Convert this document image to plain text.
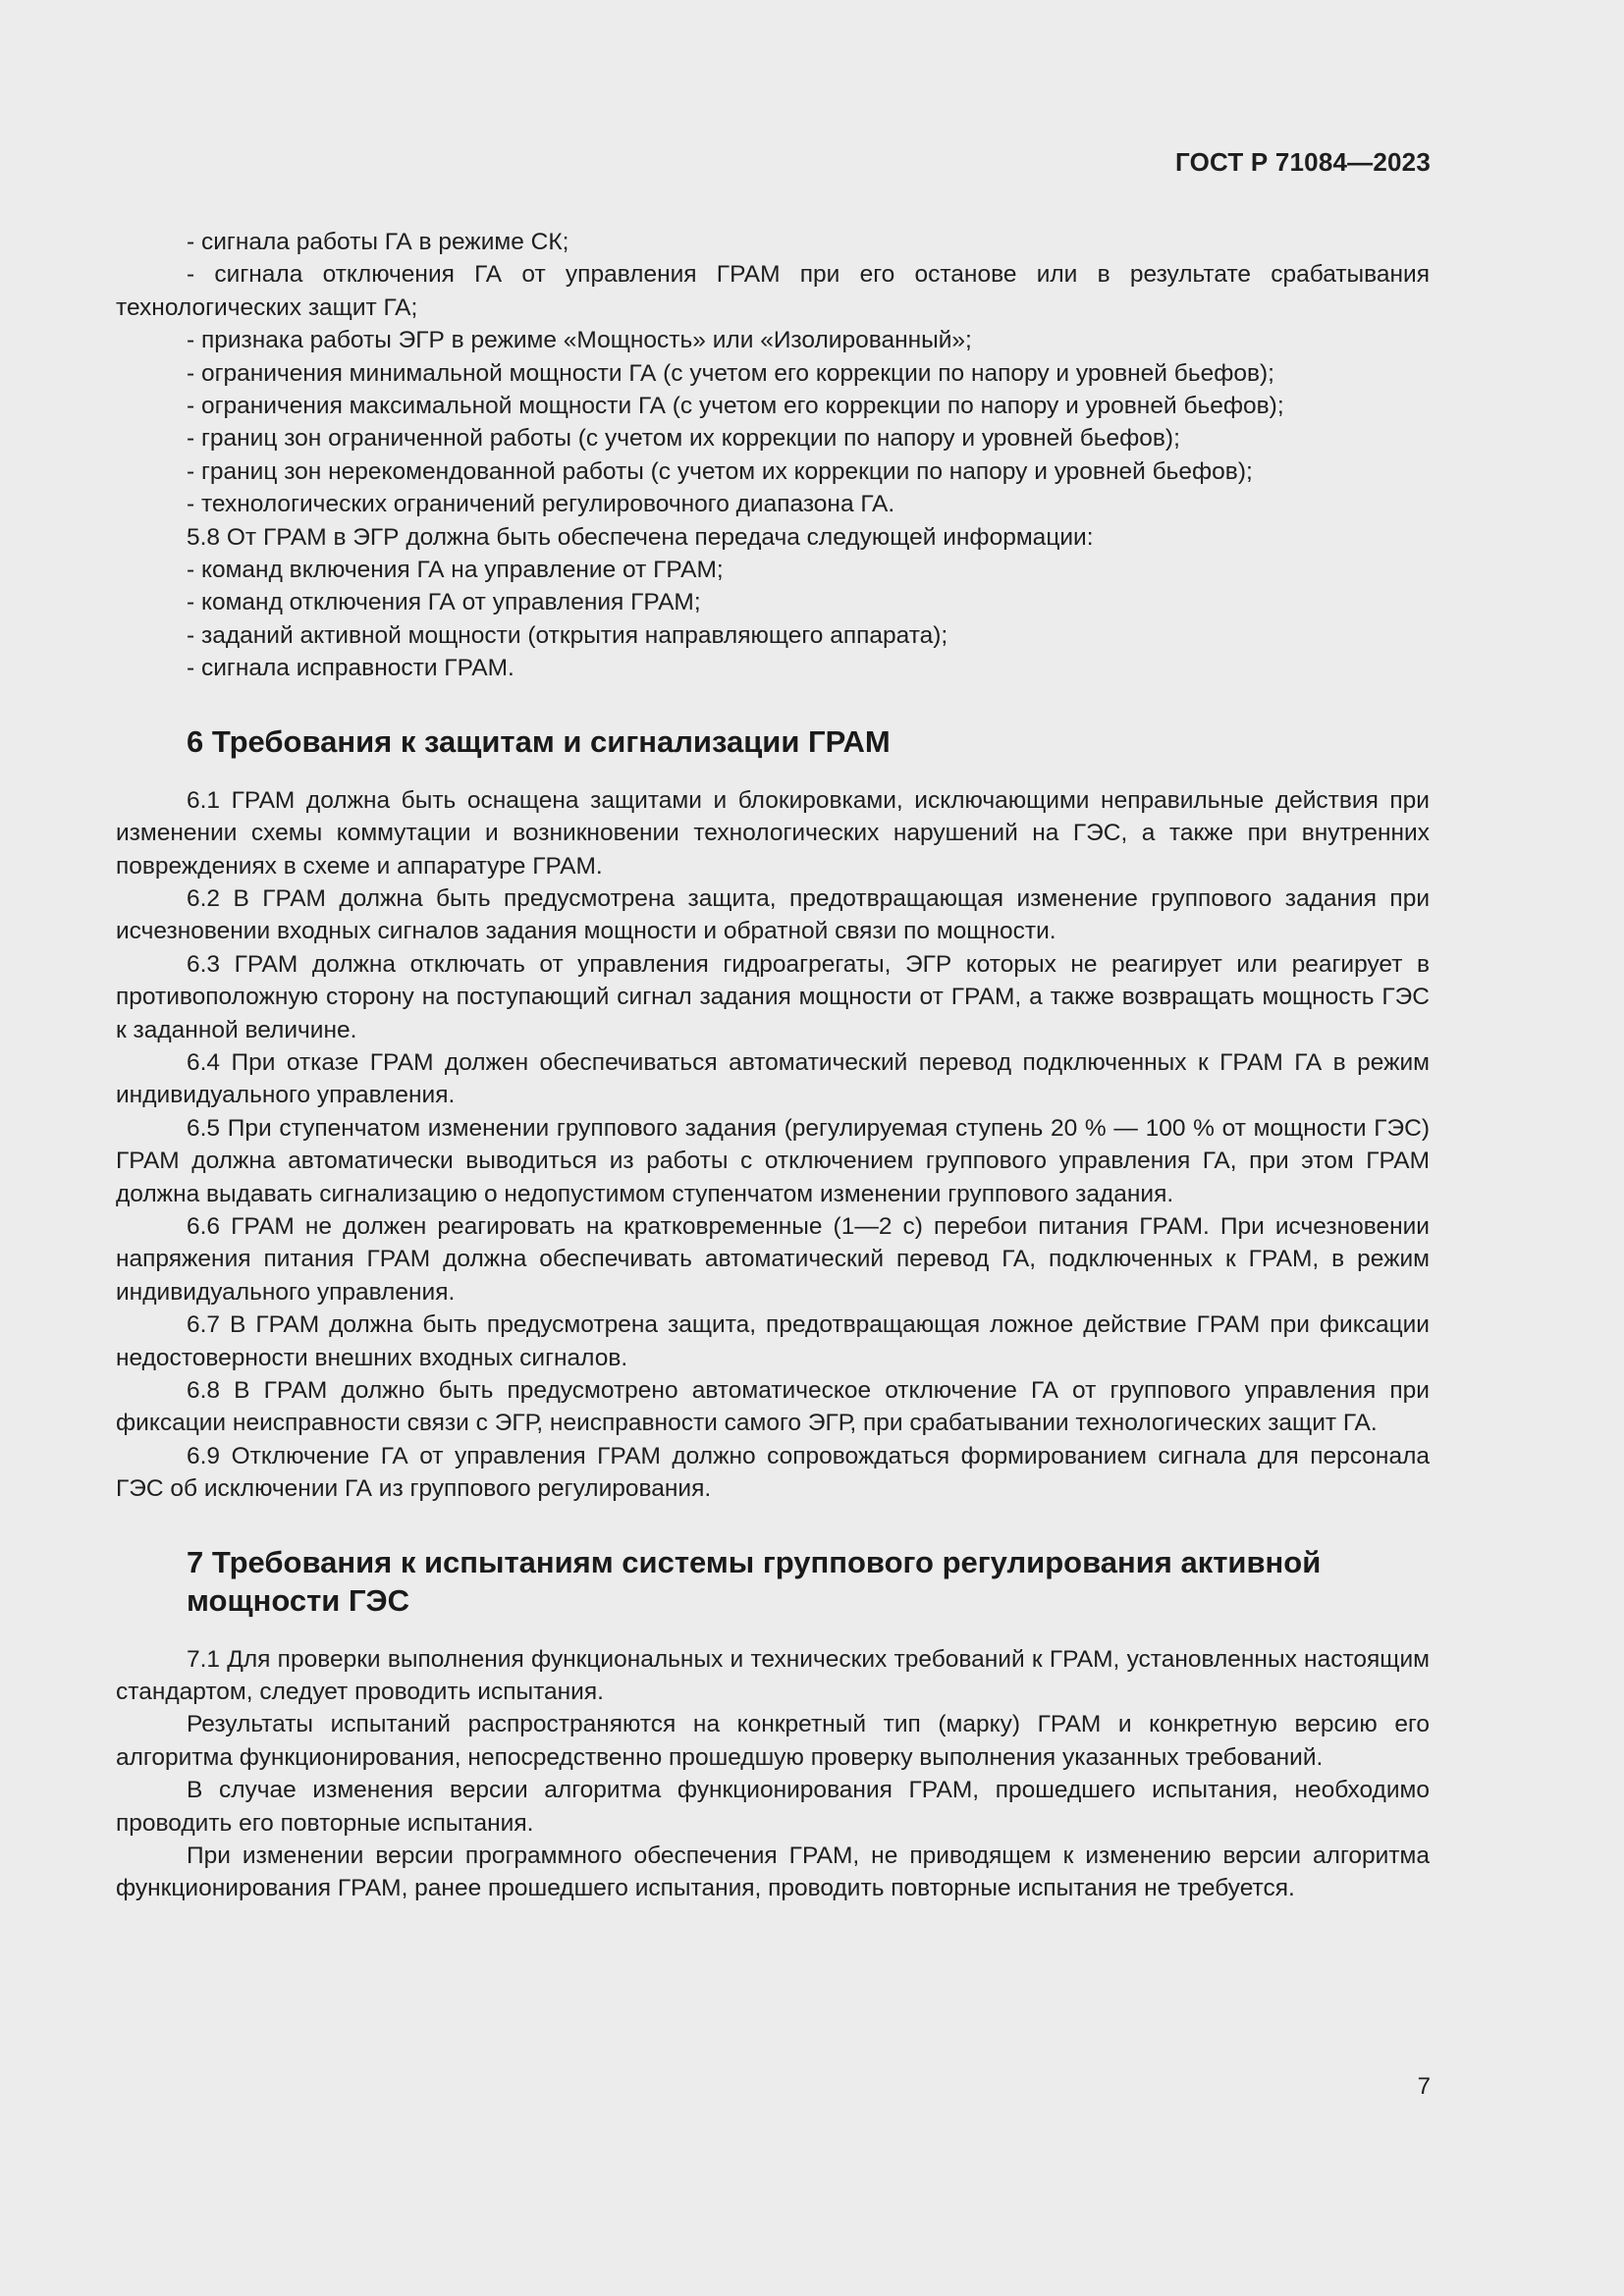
ГОСТ Р 71084—2023

- сигнала работы ГА в режиме СК;

- сигнала отключения ГА от управления ГРАМ при его останове или в результате срабатывания технологических защит ГА;

- признака работы ЭГР в режиме «Мощность» или «Изолированный»;

- ограничения минимальной мощности ГА (с учетом его коррекции по напору и уровней бьефов);

- ограничения максимальной мощности ГА (с учетом его коррекции по напору и уровней бьефов);

- границ зон ограниченной работы (с учетом их коррекции по напору и уровней бьефов);

- границ зон нерекомендованной работы (с учетом их коррекции по напору и уровней бьефов);

- технологических ограничений регулировочного диапазона ГА.

5.8 От ГРАМ в ЭГР должна быть обеспечена передача следующей информации:

- команд включения ГА на управление от ГРАМ;

- команд отключения ГА от управления ГРАМ;

- заданий активной мощности (открытия направляющего аппарата);

- сигнала исправности ГРАМ.

6 Требования к защитам и сигнализации ГРАМ

6.1 ГРАМ должна быть оснащена защитами и блокировками, исключающими неправильные действия при изменении схемы коммутации и возникновении технологических нарушений на ГЭС, а также при внутренних повреждениях в схеме и аппаратуре ГРАМ.

6.2 В ГРАМ должна быть предусмотрена защита, предотвращающая изменение группового задания при исчезновении входных сигналов задания мощности и обратной связи по мощности.

6.3 ГРАМ должна отключать от управления гидроагрегаты, ЭГР которых не реагирует или реагирует в противоположную сторону на поступающий сигнал задания мощности от ГРАМ, а также возвращать мощность ГЭС к заданной величине.

6.4 При отказе ГРАМ должен обеспечиваться автоматический перевод подключенных к ГРАМ ГА в режим индивидуального управления.

6.5 При ступенчатом изменении группового задания (регулируемая ступень 20 % — 100 % от мощности ГЭС) ГРАМ должна автоматически выводиться из работы с отключением группового управления ГА, при этом ГРАМ должна выдавать сигнализацию о недопустимом ступенчатом изменении группового задания.

6.6 ГРАМ не должен реагировать на кратковременные (1—2 с) перебои питания ГРАМ. При исчезновении напряжения питания ГРАМ должна обеспечивать автоматический перевод ГА, подключенных к ГРАМ, в режим индивидуального управления.

6.7 В ГРАМ должна быть предусмотрена защита, предотвращающая ложное действие ГРАМ при фиксации недостоверности внешних входных сигналов.

6.8 В ГРАМ должно быть предусмотрено автоматическое отключение ГА от группового управления при фиксации неисправности связи с ЭГР, неисправности самого ЭГР, при срабатывании технологических защит ГА.

6.9 Отключение ГА от управления ГРАМ должно сопровождаться формированием сигнала для персонала ГЭС об исключении ГА из группового регулирования.

7 Требования к испытаниям системы группового регулирования активной мощности ГЭС

7.1 Для проверки выполнения функциональных и технических требований к ГРАМ, установленных настоящим стандартом, следует проводить испытания.

Результаты испытаний распространяются на конкретный тип (марку) ГРАМ и конкретную версию его алгоритма функционирования, непосредственно прошедшую проверку выполнения указанных требований.

В случае изменения версии алгоритма функционирования ГРАМ, прошедшего испытания, необходимо проводить его повторные испытания.

При изменении версии программного обеспечения ГРАМ, не приводящем к изменению версии алгоритма функционирования ГРАМ, ранее прошедшего испытания, проводить повторные испытания не требуется.

7
